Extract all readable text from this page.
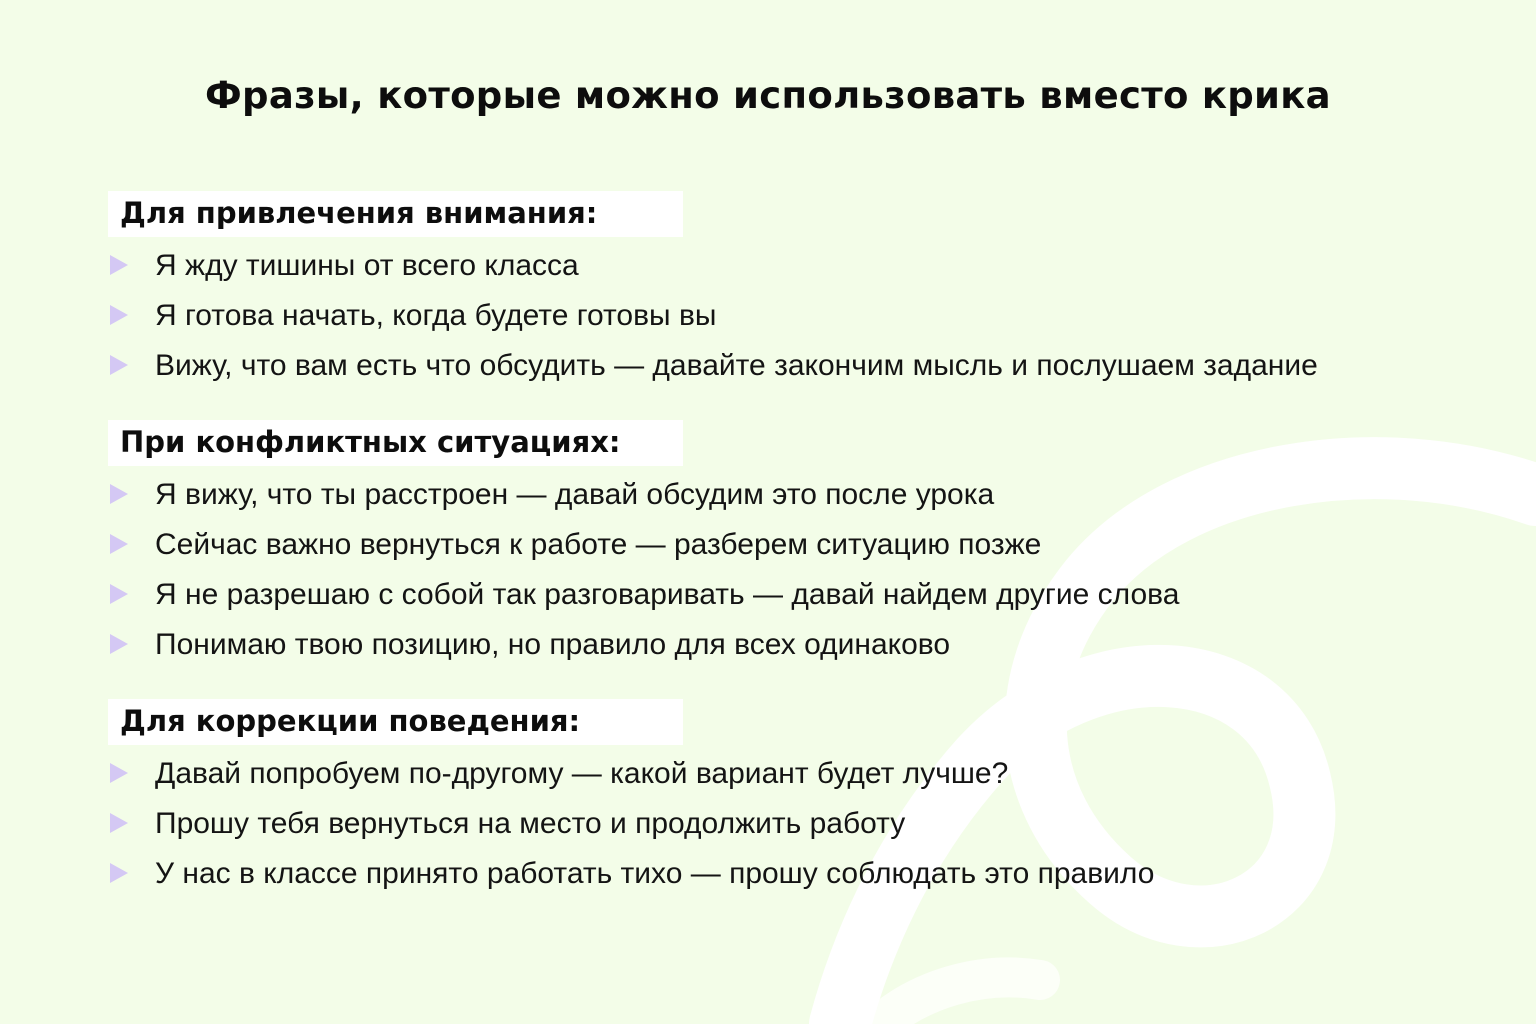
Фразы, которые можно использовать вместо крика
Для привлечения внимания:
Я жду тишины от всего класса
Я готова начать, когда будете готовы вы
Вижу, что вам есть что обсудить — давайте закончим мысль и послушаем задание
При конфликтных ситуациях:
Я вижу, что ты расстроен — давай обсудим это после урока
Сейчас важно вернуться к работе — разберем ситуацию позже
Я не разрешаю с собой так разговаривать — давай найдем другие слова
Понимаю твою позицию, но правило для всех одинаково
Для коррекции поведения:
Давай попробуем по-другому — какой вариант будет лучше?
Прошу тебя вернуться на место и продолжить работу
У нас в классе принято работать тихо — прошу соблюдать это правило
